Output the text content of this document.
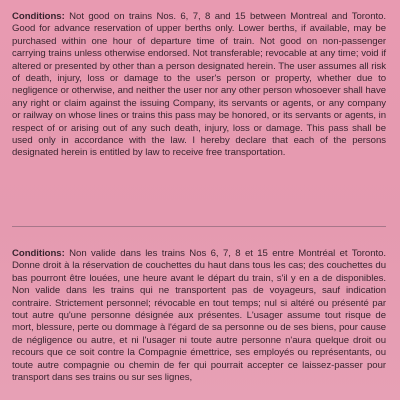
Conditions: Not good on trains Nos. 6, 7, 8 and 15 between Montreal and Toronto. Good for advance reservation of upper berths only. Lower berths, if available, may be purchased within one hour of departure time of train. Not good on non-passenger carrying trains unless otherwise endorsed. Not transferable; revocable at any time; void if altered or presented by other than a person designated herein. The user assumes all risk of death, injury, loss or damage to the user's person or property, whether due to negligence or otherwise, and neither the user nor any other person whosoever shall have any right or claim against the issuing Company, its servants or agents, or any company or railway on whose lines or trains this pass may be honored, or its servants or agents, in respect of or arising out of any such death, injury, loss or damage. This pass shall be used only in accordance with the law. I hereby declare that each of the persons designated herein is entitled by law to receive free transportation.

Conditions: Non valide dans les trains Nos 6, 7, 8 et 15 entre Montréal et Toronto. Donne droit à la réservation de couchettes du haut dans tous les cas; des couchettes du bas pourront être louées, une heure avant le départ du train, s'il y en a de disponibles. Non valide dans les trains qui ne transportent pas de voyageurs, sauf indication contraire. Strictement personnel; révocable en tout temps; nul si altéré ou présenté par tout autre qu'une personne désignée aux présentes. L'usager assume tout risque de mort, blessure, perte ou dommage à l'égard de sa personne ou de ses biens, pour cause de négligence ou autre, et ni l'usager ni toute autre personne n'aura quelque droit ou recours que ce soit contre la Compagnie émettrice, ses employés ou représentants, ou toute autre compagnie ou chemin de fer qui pourrait accepter ce laissez-passer pour transport dans ses trains ou sur ses lignes,
